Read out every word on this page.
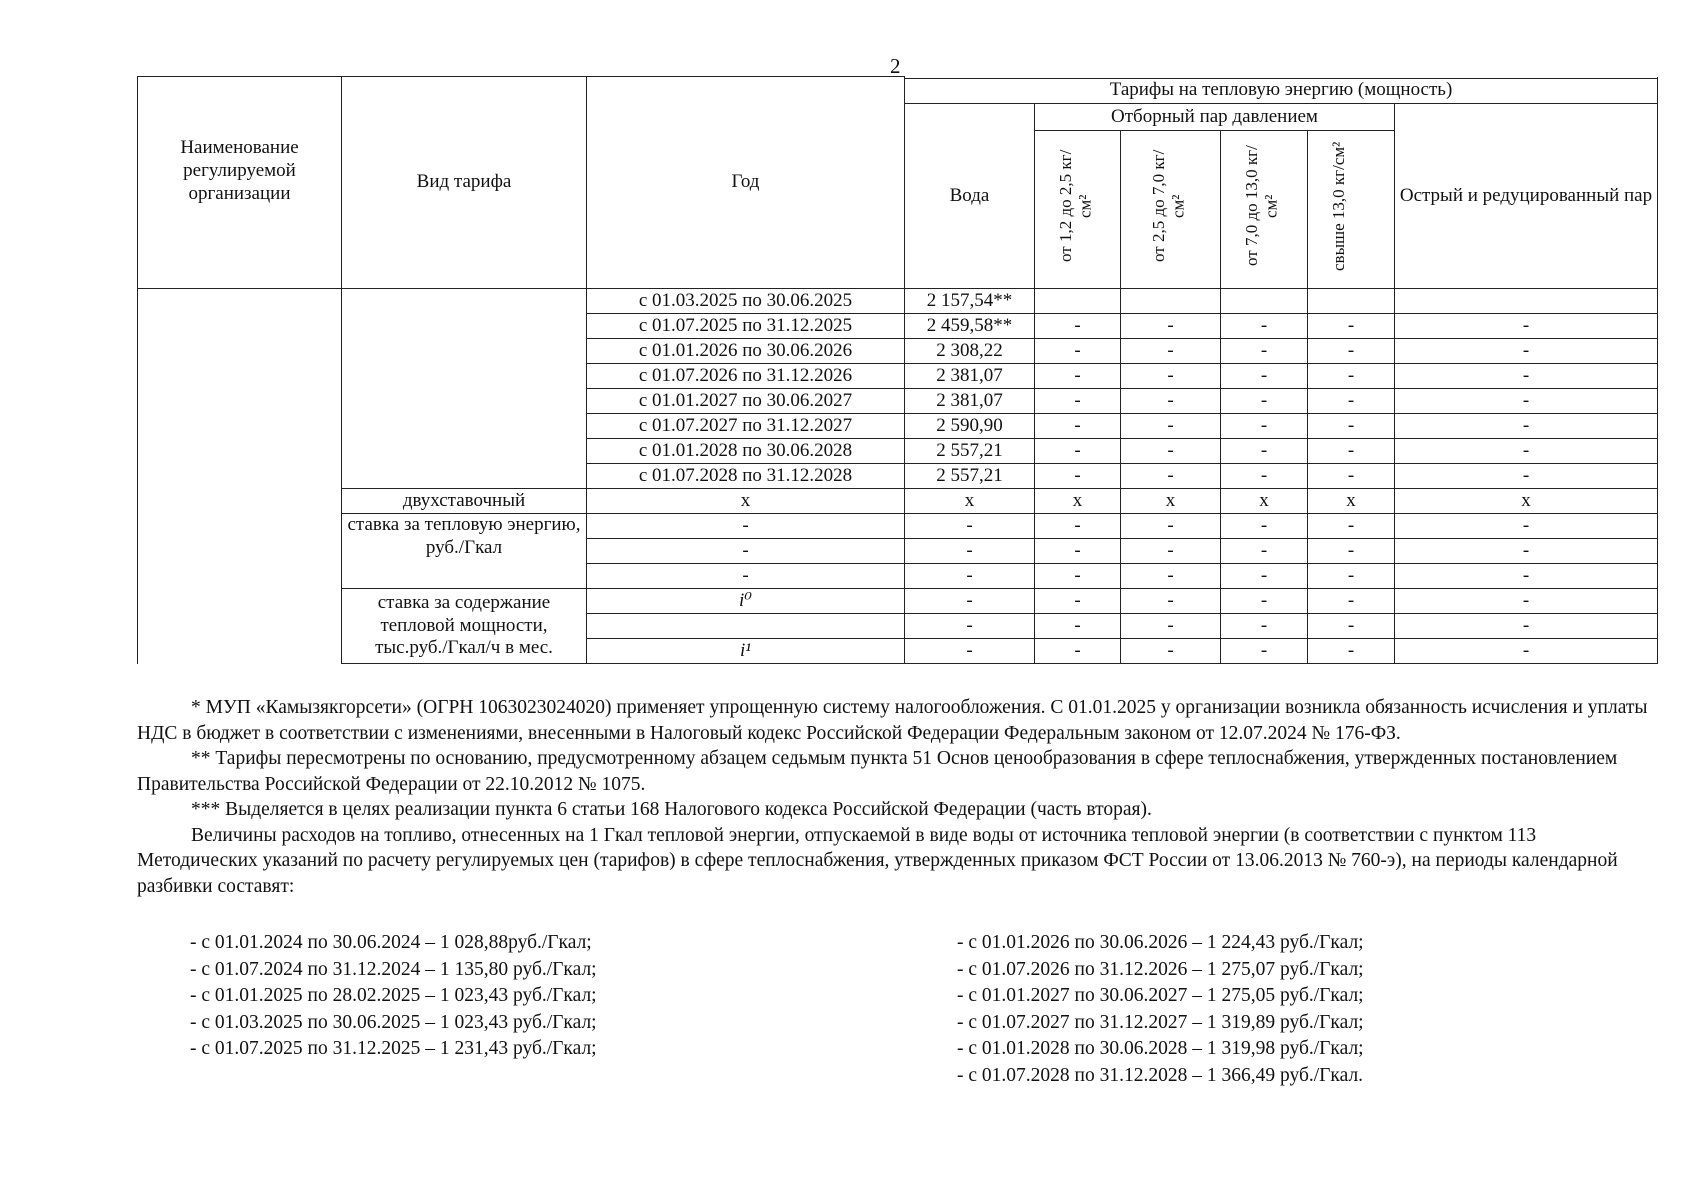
2
Наименование регулируемой организации	Вид тарифа	Год	Тарифы на тепловую энергию (мощность)					

			Вода	Отборный пар давлением				Острый и редуцированный пар
				от 1,2 до 2,5 кг/см²	от 2,5 до 7,0 кг/см²	от 7,0 до 13,0 кг/см²	свыше 13,0 кг/см²	
		с 01.03.2025 по 30.06.2025	2 157,54**					
		с 01.07.2025 по 31.12.2025	2 459,58**	-	-	-	-	-
		с 01.01.2026 по 30.06.2026	2 308,22	-	-	-	-	-
		с 01.07.2026 по 31.12.2026	2 381,07	-	-	-	-	-
		с 01.01.2027 по 30.06.2027	2 381,07	-	-	-	-	-
		с 01.07.2027 по 31.12.2027	2 590,90	-	-	-	-	-
		с 01.01.2028 по 30.06.2028	2 557,21	-	-	-	-	-
		с 01.07.2028 по 31.12.2028	2 557,21	-	-	-	-	-
	двухставочный	х	х	х	х	х	х	х
	ставка за тепловую энергию, руб./Гкал	-	-	-	-	-	-	-
		-	-	-	-	-	-	-
		-	-	-	-	-	-	-
	ставка за содержание тепловой мощности, тыс.руб./Гкал/ч в мес.	i⁰	-	-	-	-	-	-
			-	-	-	-	-	-
		i¹	-	-	-	-	-	-

* МУП «Камызякгорсети» (ОГРН 1063023024020) применяет упрощенную систему налогообложения. С 01.01.2025 у организации возникла обязанность исчисления и уплаты НДС в бюджет в соответствии с изменениями, внесенными в Налоговый кодекс Российской Федерации Федеральным законом от 12.07.2024 № 176-ФЗ.

** Тарифы пересмотрены по основанию, предусмотренному абзацем седьмым пункта 51 Основ ценообразования в сфере теплоснабжения, утвержденных постановлением Правительства Российской Федерации от 22.10.2012 № 1075.

*** Выделяется в целях реализации пункта 6 статьи 168 Налогового кодекса Российской Федерации (часть вторая).

Величины расходов на топливо, отнесенных на 1 Гкал тепловой энергии, отпускаемой в виде воды от источника тепловой энергии (в соответствии с пунктом 113 Методических указаний по расчету регулируемых цен (тарифов) в сфере теплоснабжения, утвержденных приказом ФСТ России от 13.06.2013 № 760-э), на периоды календарной разбивки составят:

- с 01.01.2024 по 30.06.2024 – 1 028,88руб./Гкал;
- с 01.07.2024 по 31.12.2024 – 1 135,80 руб./Гкал;
- с 01.01.2025 по 28.02.2025 – 1 023,43 руб./Гкал;
- с 01.03.2025 по 30.06.2025 – 1 023,43 руб./Гкал;
- с 01.07.2025 по 31.12.2025 – 1 231,43 руб./Гкал;
- с 01.01.2026 по 30.06.2026 – 1 224,43 руб./Гкал;
- с 01.07.2026 по 31.12.2026 – 1 275,07 руб./Гкал;
- с 01.01.2027 по 30.06.2027 – 1 275,05 руб./Гкал;
- с 01.07.2027 по 31.12.2027 – 1 319,89 руб./Гкал;
- с 01.01.2028 по 30.06.2028 – 1 319,98 руб./Гкал;
- с 01.07.2028 по 31.12.2028 – 1 366,49 руб./Гкал.
